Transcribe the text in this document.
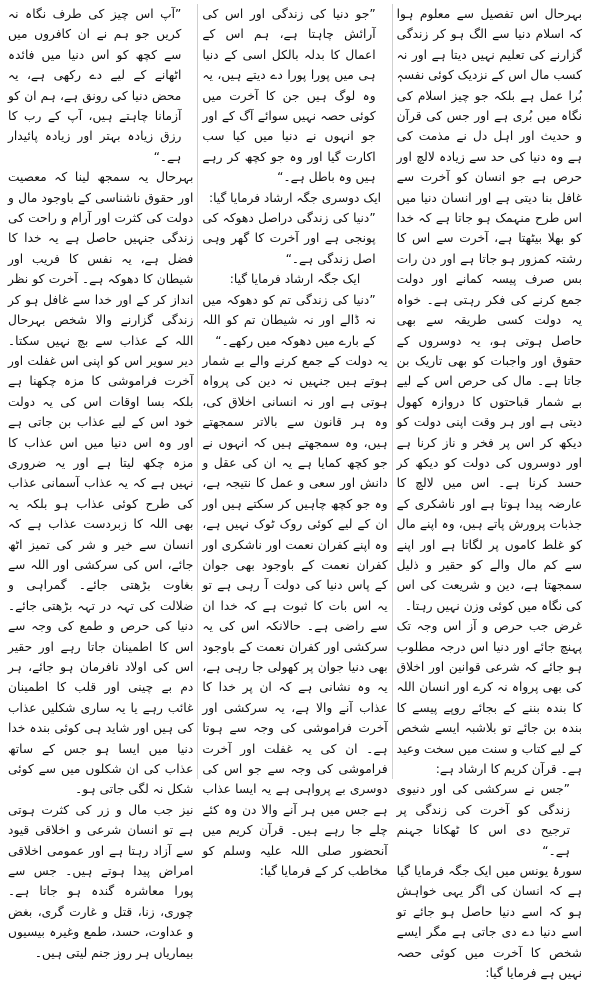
بہرحال اس تفصیل سے معلوم ہوا کہ اسلام دنیا سے الگ ہو کر زندگی گزارنے کی تعلیم نہیں دیتا ہے اور نہ کسب مال اس کے نزدیک کوئی نفسہٖ بُرا عمل ہے بلکہ جو چیز اسلام کی نگاہ میں بُری ہے اور جس کی قرآن و حدیث اور اہل دل نے مذمت کی ہے وہ دنیا کی حد سے زیادہ لالچ اور حرص ہے جو انسان کو آخرت سے غافل بنا دیتی ہے اور انسان دنیا میں اس طرح منہمک ہو جاتا ہے کہ خدا کو بھلا بیٹھتا ہے، آخرت سے اس کا رشتہ کمزور ہو جاتا ہے اور دن رات بس صرف پیسہ کمانے اور دولت جمع کرنے کی فکر رہتی ہے۔ خواہ یہ دولت کسی طریقہ سے بھی حاصل ہوتی ہو، یہ دوسروں کے حقوق اور واجبات کو بھی تاریک بن جاتا ہے۔ مال کی حرص اس کے لیے بے شمار قباحتوں کا دروازہ کھول دیتی ہے اور ہر وقت اپنی دولت کو دیکھ کر اس پر فخر و ناز کرنا ہے اور دوسروں کی دولت کو دیکھ کر حسد کرنا ہے۔ اس میں لالچ کا عارضہ پیدا ہوتا ہے اور ناشکری کے جذبات پرورش پاتے ہیں، وہ اپنے مال کو غلط کاموں پر لگاتا ہے اور اپنے سے کم مال والے کو حقیر و ذلیل سمجھتا ہے، دین و شریعت کی اس کی نگاہ میں کوئی وزن نہیں رہتا۔

غرض جب حرص و آز اس وجہ تک پہنچ جائے اور دنیا اس درجہ مطلوب ہو جائے کہ شرعی قوانین اور اخلاق کی بھی پرواہ نہ کرے اور انسان اللہ کا بندہ بننے کے بجائے روپے پیسے کا بندہ بن جائے تو بلاشبہ ایسے شخص کے لیے کتاب و سنت میں سخت وعید ہے۔ قرآن کریم کا ارشاد ہے:

”جس نے سرکشی کی اور دنیوی زندگی کو آخرت کی زندگی پر ترجیح دی اس کا ٹھکانا جہنم ہے۔“

سورۂ یونس میں ایک جگہ فرمایا گیا ہے کہ انسان کی اگر یہی خواہش ہو کہ اسے دنیا حاصل ہو جائے تو اسے دنیا دے دی جاتی ہے مگر ایسے شخص کا آخرت میں کوئی حصہ نہیں ہے فرمایا گیا:

”جو دنیا کی زندگی اور اس کی آرائش چاہتا ہے، ہم اس کے اعمال کا بدلہ بالکل اسی کے دنیا ہی میں پورا پورا دے دیتے ہیں، یہ وہ لوگ ہیں جن کا آخرت میں کوئی حصہ نہیں سوائے آگ کے اور جو انہوں نے دنیا میں کیا سب اکارت گیا اور وہ جو کچھ کر رہے ہیں وہ باطل ہے۔“

ایک دوسری جگہ ارشاد فرمایا گیا:

”دنیا کی زندگی دراصل دھوکہ کی پونجی ہے اور آخرت کا گھر وہی اصل زندگی ہے۔“

ایک جگہ ارشاد فرمایا گیا:

”دنیا کی زندگی تم کو دھوکہ میں نہ ڈالے اور نہ شیطان تم کو اللہ کے بارے میں دھوکہ میں رکھے۔“

یہ دولت کے جمع کرنے والے بے شمار ہوتے ہیں جنہیں نہ دین کی پرواہ ہوتی ہے اور نہ انسانی اخلاق کی، وہ ہر قانون سے بالاتر سمجھتے ہیں، وہ سمجھتے ہیں کہ انہوں نے جو کچھ کمایا ہے یہ ان کی عقل و دانش اور سعی و عمل کا نتیجہ ہے، وہ جو کچھ چاہیں کر سکتے ہیں اور ان کے لیے کوئی روک ٹوک نہیں ہے، وہ اپنے کفران نعمت اور ناشکری اور کفران نعمت کے باوجود بھی جوان کے پاس دنیا کی دولت آ رہی ہے تو یہ اس بات کا ثبوت ہے کہ خدا ان سے راضی ہے۔ حالانکہ اس کی یہ سرکشی اور کفران نعمت کے باوجود بھی دنیا جوان پر کھولی جا رہی ہے، یہ وہ نشانی ہے کہ ان پر خدا کا عذاب آنے والا ہے، یہ سرکشی اور آخرت فراموشی کی وجہ سے ہوتا ہے۔ ان کی یہ غفلت اور آخرت فراموشی کی وجہ سے جو اس کی دوسری بے پرواہی ہے یہ ایسا عذاب ہے جس میں ہر آنے والا دن وہ کئے چلے جا رہے ہیں۔ قرآن کریم میں آنحضور صلی اللہ علیہ وسلم کو مخاطب کر کے فرمایا گیا:

”آپ اس چیز کی طرف نگاہ نہ کریں جو ہم نے ان کافروں میں سے کچھ کو اس دنیا میں فائدہ اٹھانے کے لیے دے رکھی ہے، یہ محض دنیا کی رونق ہے، ہم ان کو آزمانا چاہتے ہیں، آپ کے رب کا رزق زیادہ بہتر اور زیادہ پائیدار ہے۔“

بہرحال یہ سمجھ لینا کہ معصیت اور حقوق ناشناسی کے باوجود مال و دولت کی کثرت اور آرام و راحت کی زندگی جنہیں حاصل ہے یہ خدا کا فضل ہے، یہ نفس کا فریب اور شیطان کا دھوکہ ہے۔ آخرت کو نظر انداز کر کے اور خدا سے غافل ہو کر زندگی گزارنے والا شخص بہرحال اللہ کے عذاب سے بچ نہیں سکتا۔ دیر سویر اس کو اپنی اس غفلت اور آخرت فراموشی کا مزہ چکھنا ہے بلکہ بسا اوقات اس کی یہ دولت خود اس کے لیے عذاب بن جاتی ہے اور وہ اس دنیا میں اس عذاب کا مزہ چکھ لیتا ہے اور یہ ضروری نہیں ہے کہ یہ عذاب آسمانی عذاب کی طرح کوئی عذاب ہو بلکہ یہ بھی اللہ کا زبردست عذاب ہے کہ انسان سے خیر و شر کی تمیز اٹھ جائے، اس کی سرکشی اور اللہ سے بغاوت بڑھتی جائے۔ گمراہی و ضلالت کی تہہ در تہہ بڑھتی جائے۔ دنیا کی حرص و طمع کی وجہ سے اس کا اطمینان جاتا رہے اور حقیر اس کی اولاد نافرمان ہو جائے، ہر دم بے چینی اور قلب کا اطمینان غائب رہے یا یہ ساری شکلیں عذاب کی ہیں اور شاید ہی کوئی بندہ خدا دنیا میں ایسا ہو جس کے ساتھ عذاب کی ان شکلوں میں سے کوئی شکل نہ لگی جاتی ہو۔

نیز جب مال و زر کی کثرت ہوتی ہے تو انسان شرعی و اخلاقی قیود سے آزاد رہتا ہے اور عمومی اخلاقی امراض پیدا ہوتے ہیں۔ جس سے پورا معاشرہ گندہ ہو جاتا ہے۔ چوری، زنا، قتل و غارت گری، بغض و عداوت، حسد، طمع وغیرہ بیسیوں بیماریاں ہر روز جنم لیتی ہیں۔
